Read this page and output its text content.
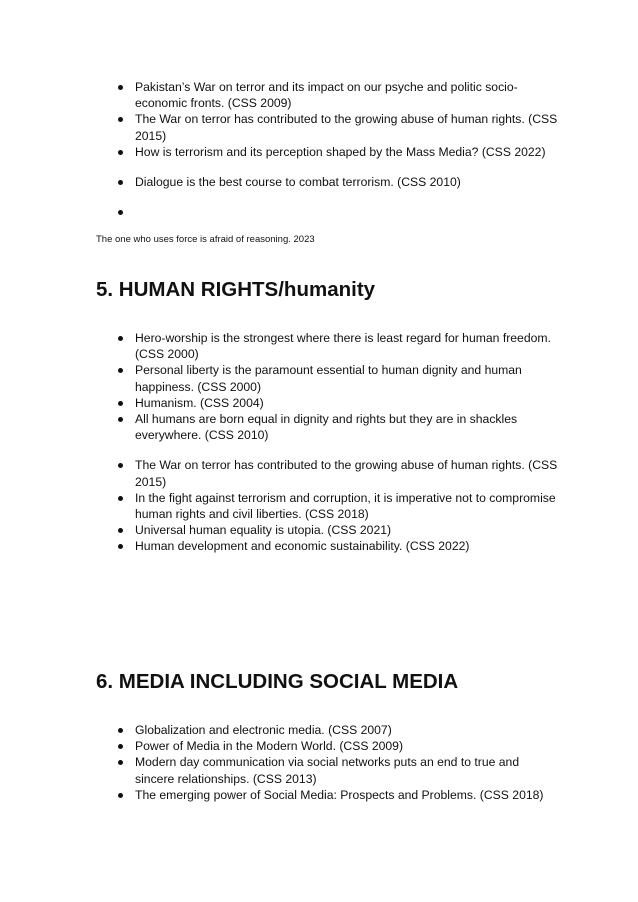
Pakistan’s War on terror and its impact on our psyche and politic socio-economic fronts. (CSS 2009)
The War on terror has contributed to the growing abuse of human rights. (CSS 2015)
How is terrorism and its perception shaped by the Mass Media? (CSS 2022)
Dialogue is the best course to combat terrorism. (CSS 2010)
The one who uses force is afraid of reasoning. 2023
5. HUMAN RIGHTS/humanity
Hero-worship is the strongest where there is least regard for human freedom. (CSS 2000)
Personal liberty is the paramount essential to human dignity and human happiness. (CSS 2000)
Humanism. (CSS 2004)
All humans are born equal in dignity and rights but they are in shackles everywhere. (CSS 2010)
The War on terror has contributed to the growing abuse of human rights. (CSS 2015)
In the fight against terrorism and corruption, it is imperative not to compromise human rights and civil liberties. (CSS 2018)
Universal human equality is utopia. (CSS 2021)
Human development and economic sustainability. (CSS 2022)
6. MEDIA INCLUDING SOCIAL MEDIA
Globalization and electronic media. (CSS 2007)
Power of Media in the Modern World. (CSS 2009)
Modern day communication via social networks puts an end to true and sincere relationships. (CSS 2013)
The emerging power of Social Media: Prospects and Problems. (CSS 2018)
